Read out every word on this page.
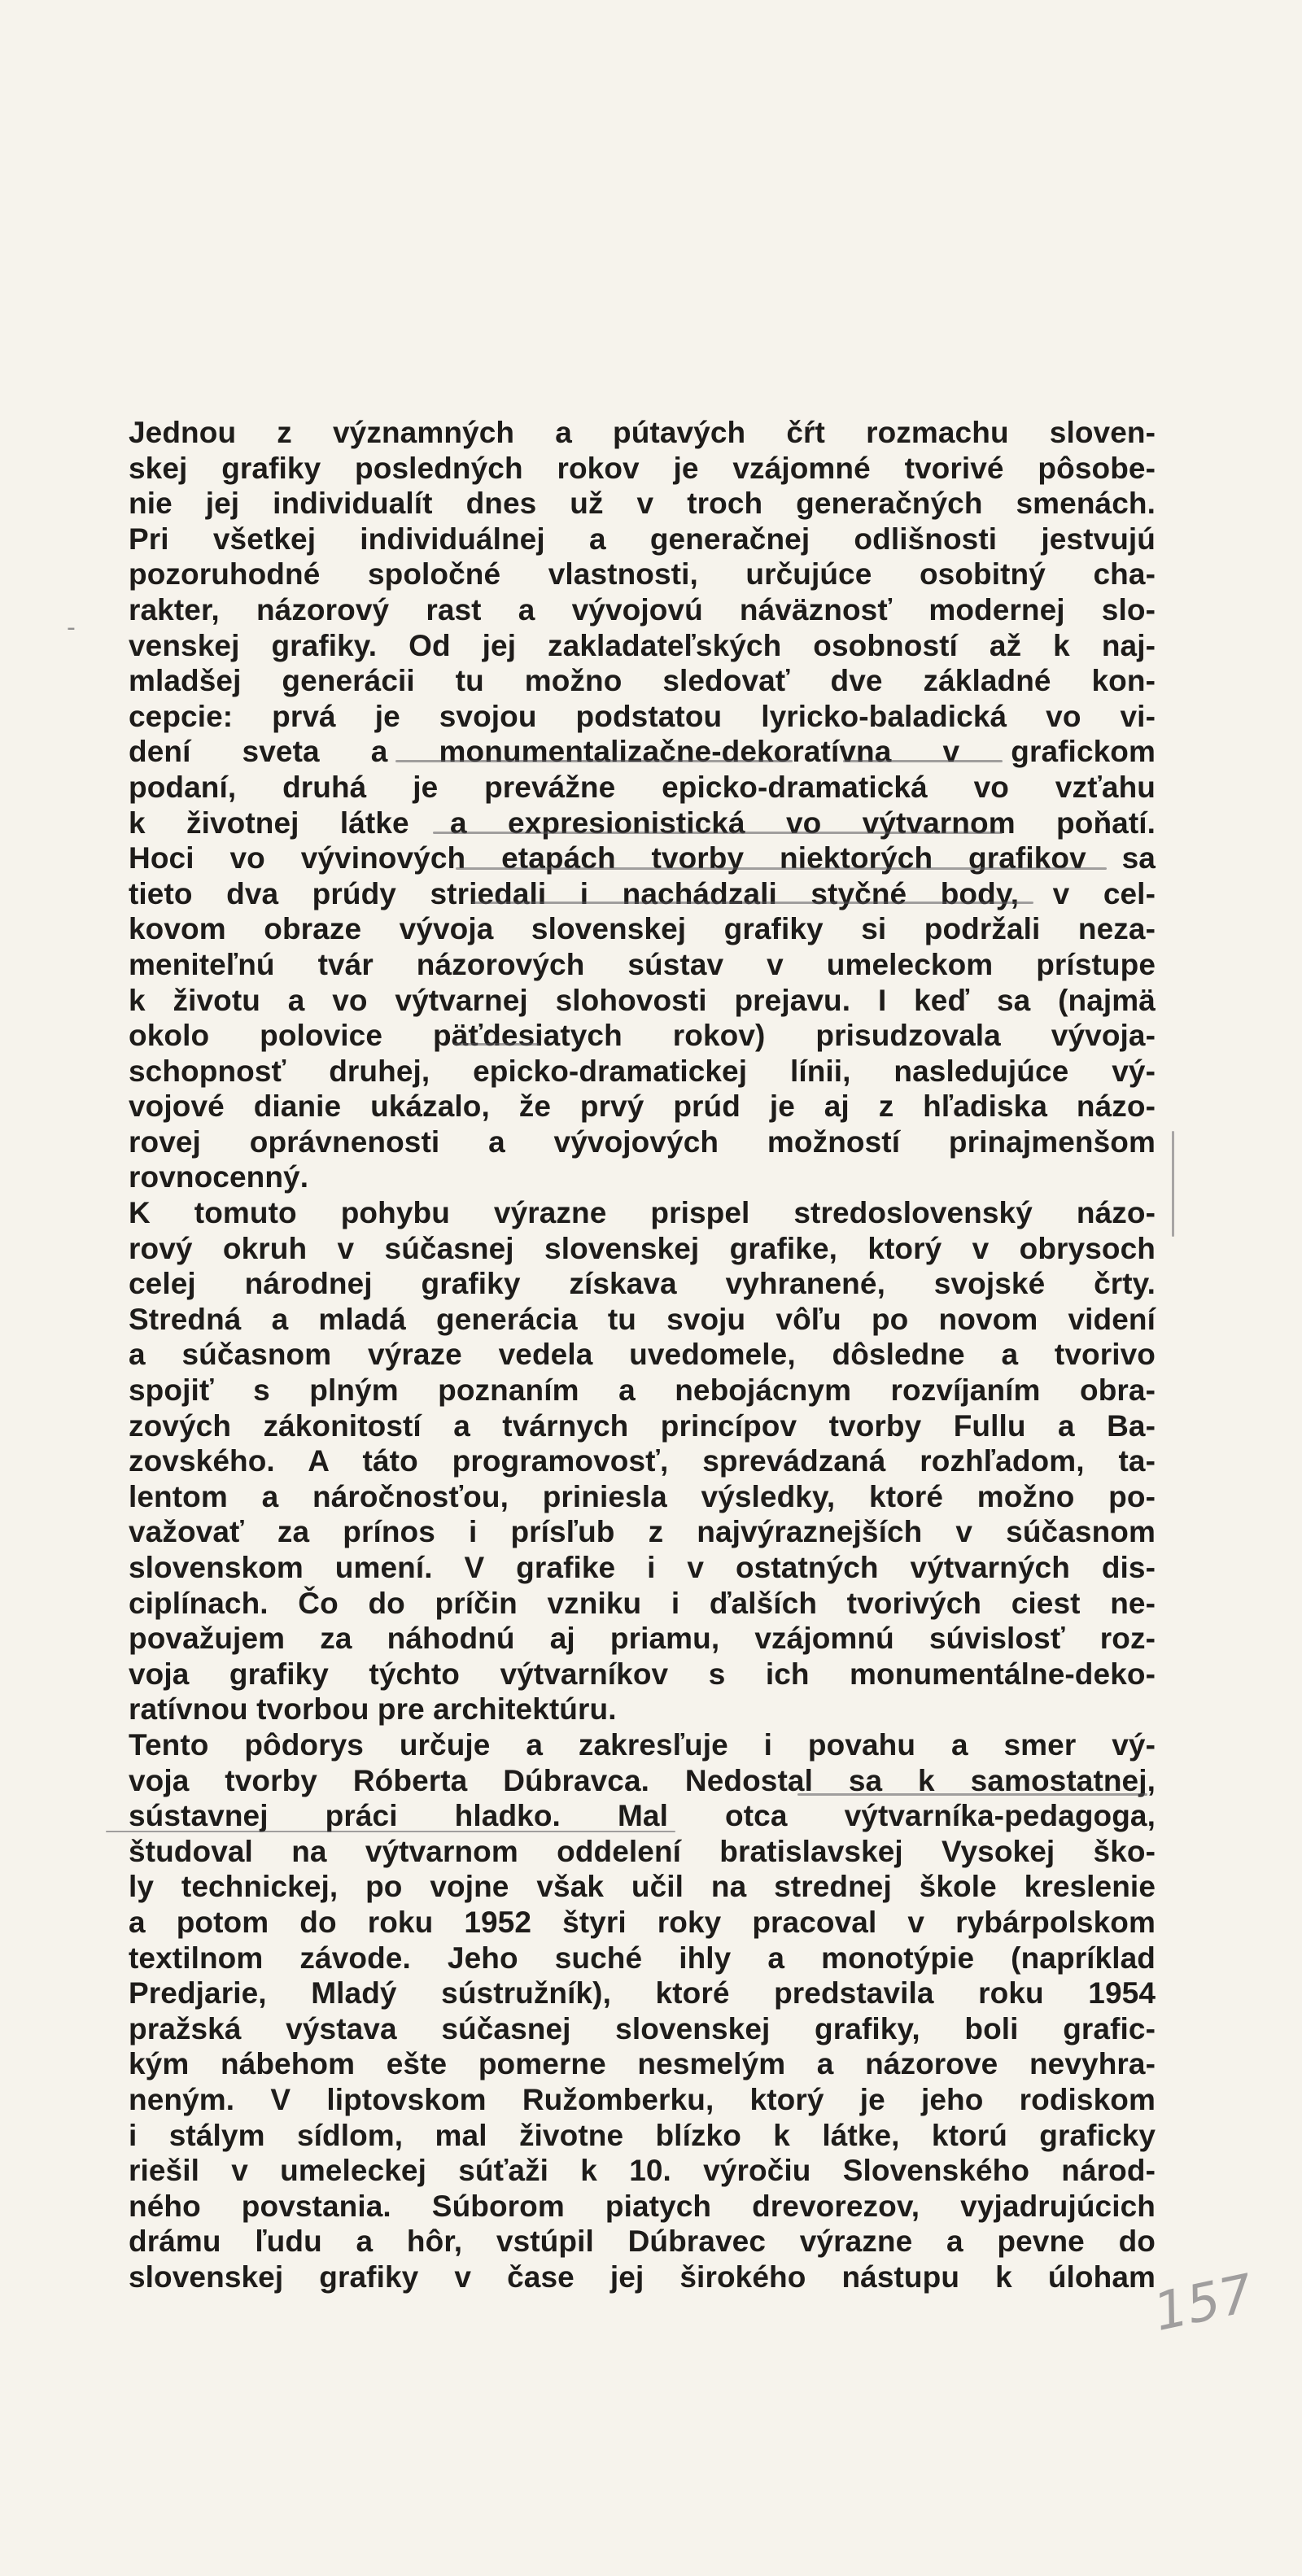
Jednou z významných a pútavých čŕt rozmachu sloven-
skej grafiky posledných rokov je vzájomné tvorivé pôsobe-
nie jej individualít dnes už v troch generačných smenách.
Pri všetkej individuálnej a generačnej odlišnosti jestvujú
pozoruhodné spoločné vlastnosti, určujúce osobitný cha-
rakter, názorový rast a vývojovú náväznosť modernej slo-
venskej grafiky. Od jej zakladateľských osobností až k naj-
mladšej generácii tu možno sledovať dve základné kon-
cepcie: prvá je svojou podstatou lyricko-baladická vo vi-
dení sveta a monumentalizačne-dekoratívna v grafickom
podaní, druhá je prevážne epicko-dramatická vo vzťahu
k životnej látke a expresionistická vo výtvarnom poňatí.
Hoci vo vývinových etapách tvorby niektorých grafikov sa
tieto dva prúdy striedali i nachádzali styčné body, v cel-
kovom obraze vývoja slovenskej grafiky si podržali neza-
meniteľnú tvár názorových sústav v umeleckom prístupe
k životu a vo výtvarnej slohovosti prejavu. I keď sa (najmä
okolo polovice päťdesiatych rokov) prisudzovala vývoja-
schopnosť druhej, epicko-dramatickej línii, nasledujúce vý-
vojové dianie ukázalo, že prvý prúd je aj z hľadiska názo-
rovej oprávnenosti a vývojových možností prinajmenšom
rovnocenný.
K tomuto pohybu výrazne prispel stredoslovenský názo-
rový okruh v súčasnej slovenskej grafike, ktorý v obrysoch
celej národnej grafiky získava vyhranené, svojské črty.
Stredná a mladá generácia tu svoju vôľu po novom videní
a súčasnom výraze vedela uvedomele, dôsledne a tvorivo
spojiť s plným poznaním a nebojácnym rozvíjaním obra-
zových zákonitostí a tvárnych princípov tvorby Fullu a Ba-
zovského. A táto programovosť, sprevádzaná rozhľadom, ta-
lentom a náročnosťou, priniesla výsledky, ktoré možno po-
važovať za prínos i prísľub z najvýraznejších v súčasnom
slovenskom umení. V grafike i v ostatných výtvarných dis-
ciplínach. Čo do príčin vzniku i ďalších tvorivých ciest ne-
považujem za náhodnú aj priamu, vzájomnú súvislosť roz-
voja grafiky týchto výtvarníkov s ich monumentálne-deko-
ratívnou tvorbou pre architektúru.
Tento pôdorys určuje a zakresľuje i povahu a smer vý-
voja tvorby Róberta Dúbravca. Nedostal sa k samostatnej,
sústavnej práci hladko. Mal otca výtvarníka-pedagoga,
študoval na výtvarnom oddelení bratislavskej Vysokej ško-
ly technickej, po vojne však učil na strednej škole kreslenie
a potom do roku 1952 štyri roky pracoval v rybárpolskom
textilnom závode. Jeho suché ihly a monotýpie (napríklad
Predjarie, Mladý sústružník), ktoré predstavila roku 1954
pražská výstava súčasnej slovenskej grafiky, boli grafic-
kým nábehom ešte pomerne nesmelým a názorove nevyhra-
neným. V liptovskom Ružomberku, ktorý je jeho rodiskom
i stálym sídlom, mal životne blízko k látke, ktorú graficky
riešil v umeleckej súťaži k 10. výročiu Slovenského národ-
ného povstania. Súborom piatych drevorezov, vyjadrujúcich
drámu ľudu a hôr, vstúpil Dúbravec výrazne a pevne do
slovenskej grafiky v čase jej širokého nástupu k úloham
-
157
